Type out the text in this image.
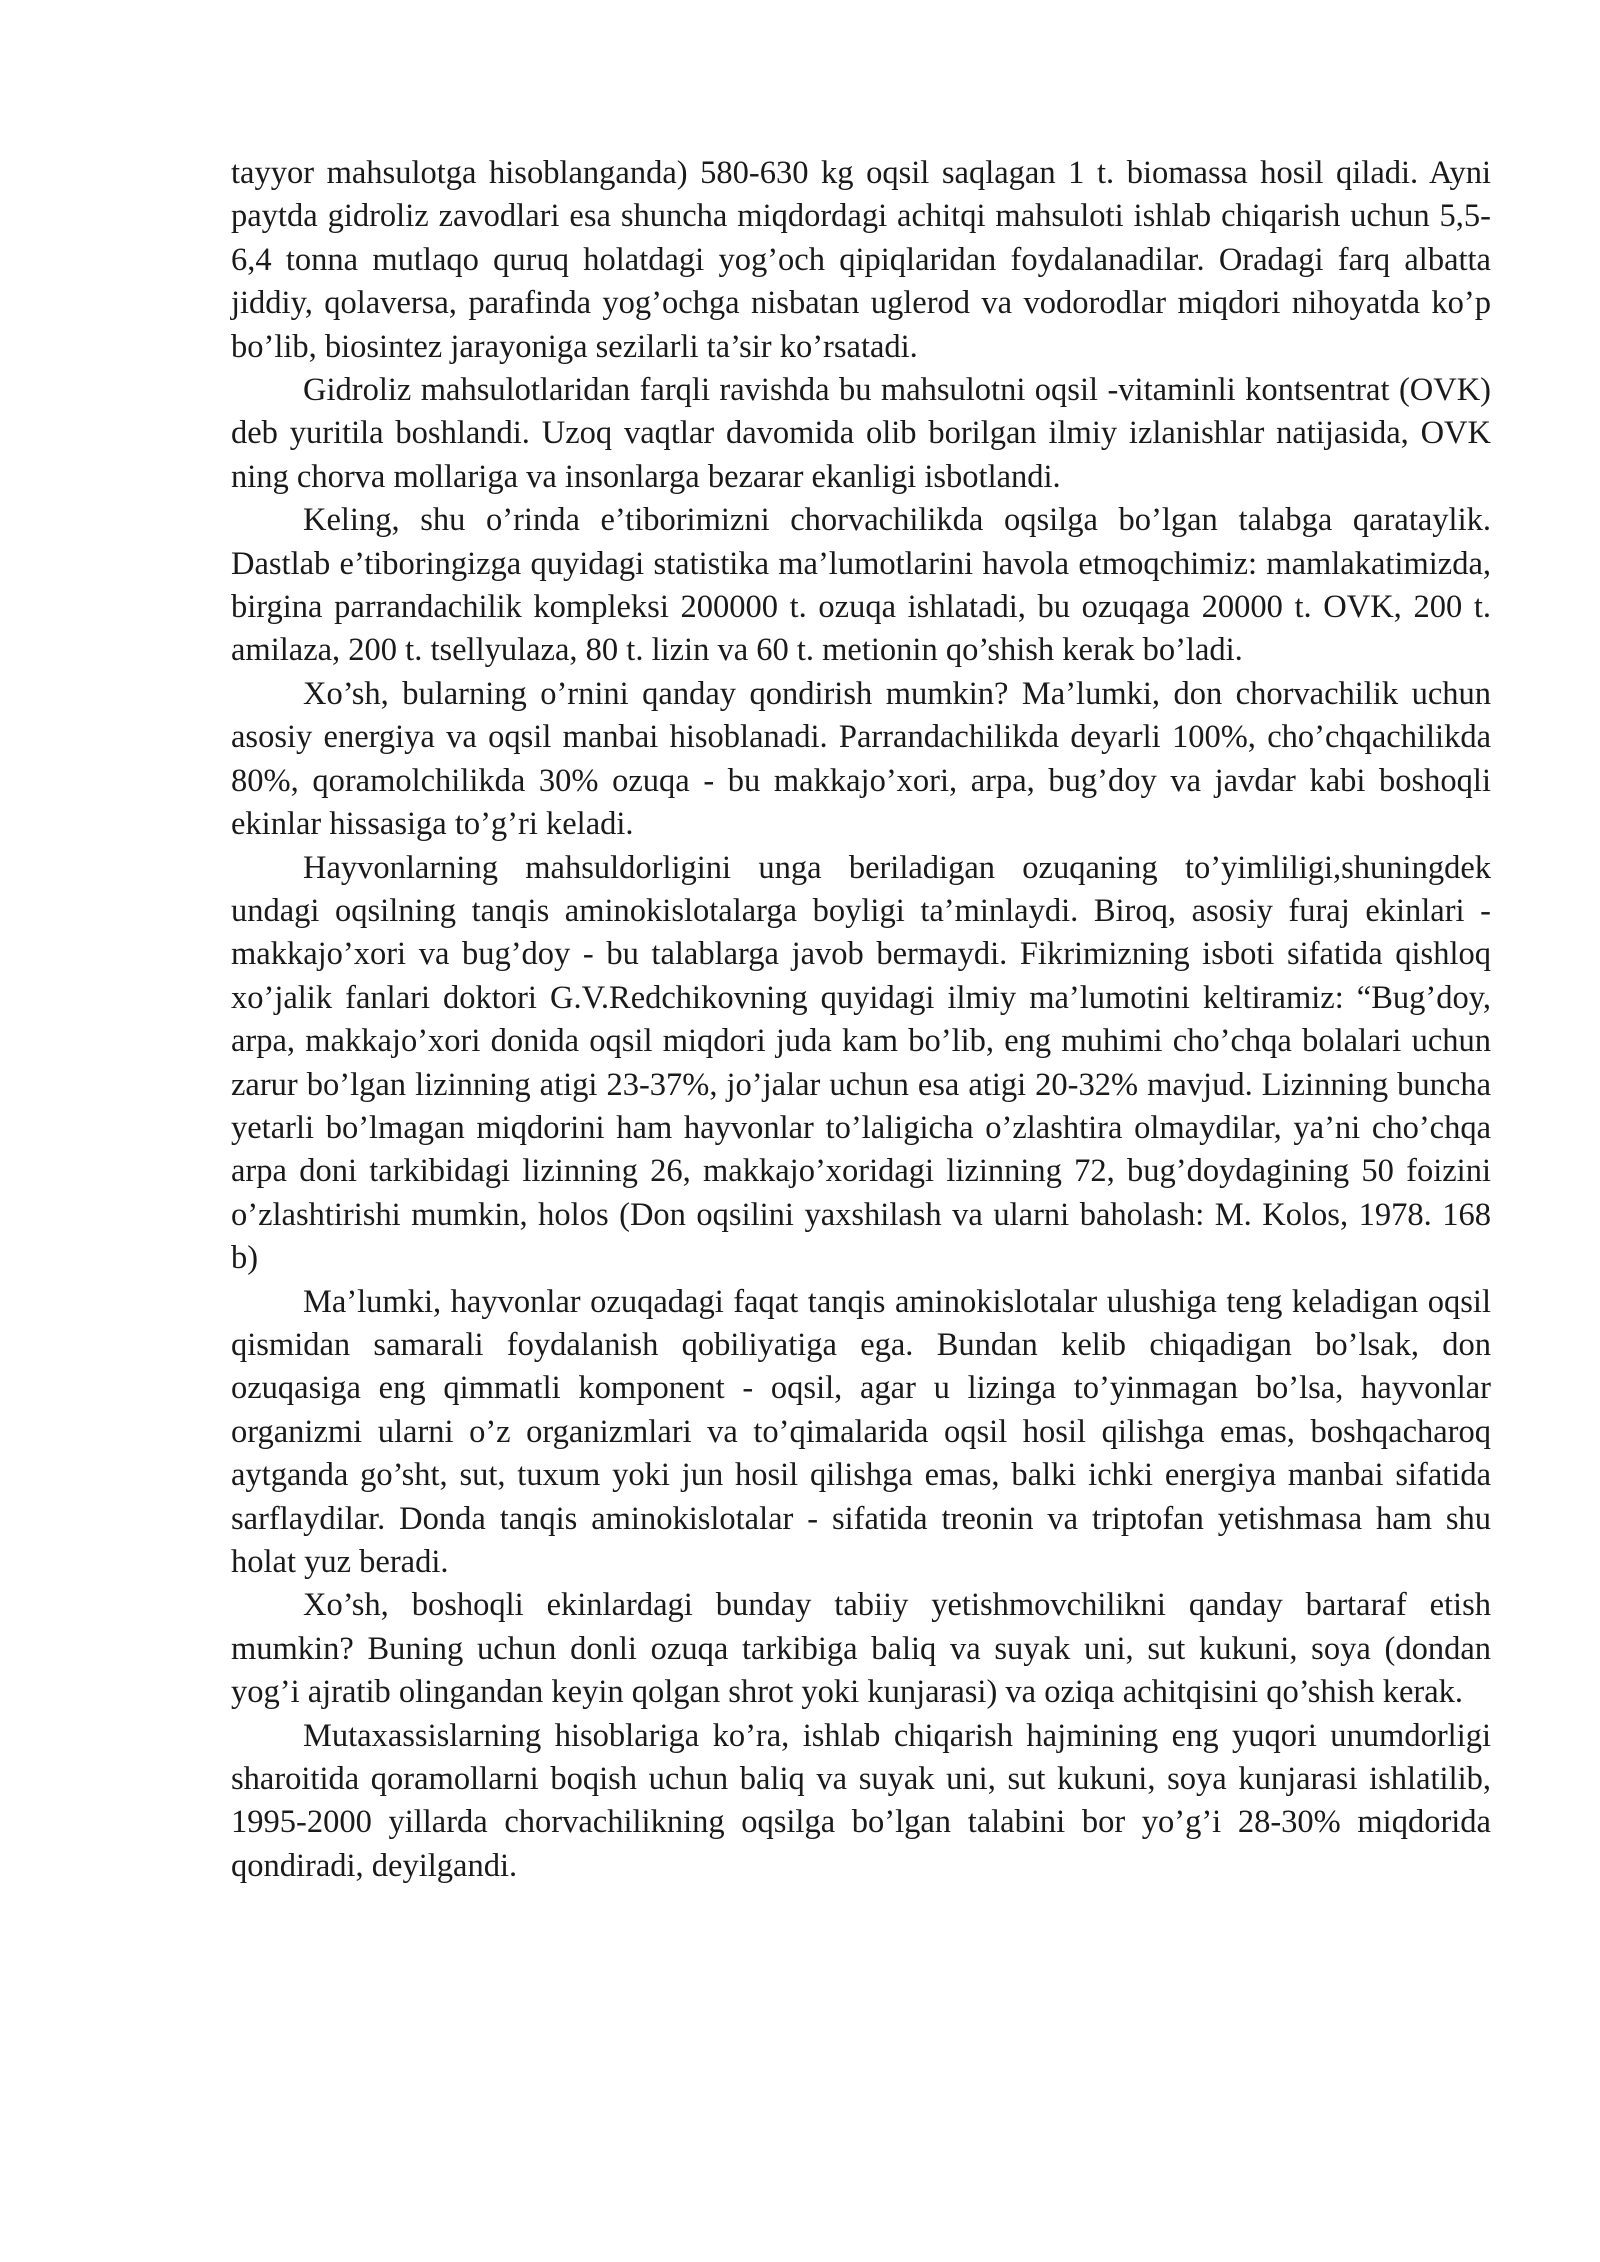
tayyor mahsulotga hisoblanganda) 580-630 kg oqsil saqlagan 1 t. biomassa hosil qiladi. Ayni paytda gidroliz zavodlari esa shuncha miqdordagi achitqi mahsuloti ishlab chiqarish uchun 5,5-6,4 tonna mutlaqo quruq holatdagi yog’och qipiqlaridan foydalanadilar. Oradagi farq albatta jiddiy, qolaversa, parafinda yog’ochga nisbatan uglerod va vodorodlar miqdori nihoyatda ko’p bo’lib, biosintez jarayoniga sezilarli ta’sir ko’rsatadi.

Gidroliz mahsulotlaridan farqli ravishda bu mahsulotni oqsil -vitaminli kontsentrat (OVK) deb yuritila boshlandi. Uzoq vaqtlar davomida olib borilgan ilmiy izlanishlar natijasida, OVK ning chorva mollariga va insonlarga bezarar ekanligi isbotlandi.

Keling, shu o’rinda e’tiborimizni chorvachilikda oqsilga bo’lgan talabga qarataylik. Dastlab e’tiboringizga quyidagi statistika ma’lumotlarini havola etmoqchimiz: mamlakatimizda, birgina parrandachilik kompleksi 200000 t. ozuqa ishlatadi, bu ozuqaga 20000 t. OVK, 200 t. amilaza, 200 t. tsellyulaza, 80 t. lizin va 60 t. metionin qo’shish kerak bo’ladi.

Xo’sh, bularning o’rnini qanday qondirish mumkin? Ma’lumki, don chorvachilik uchun asosiy energiya va oqsil manbai hisoblanadi. Parrandachilikda deyarli 100%, cho’chqachilikda 80%, qoramolchilikda 30% ozuqa - bu makkajo’xori, arpa, bug’doy va javdar kabi boshoqli ekinlar hissasiga to’g’ri keladi.

Hayvonlarning mahsuldorligini unga beriladigan ozuqaning to’yimliligi,shuningdek undagi oqsilning tanqis aminokislotalarga boyligi ta’minlaydi. Biroq, asosiy furaj ekinlari - makkajo’xori va bug’doy - bu talablarga javob bermaydi. Fikrimizning isboti sifatida qishloq xo’jalik fanlari doktori G.V.Redchikovning quyidagi ilmiy ma’lumotini keltiramiz: “Bug’doy, arpa, makkajo’xori donida oqsil miqdori juda kam bo’lib, eng muhimi cho’chqa bolalari uchun zarur bo’lgan lizinning atigi 23-37%, jo’jalar uchun esa atigi 20-32% mavjud. Lizinning buncha yetarli bo’lmagan miqdorini ham hayvonlar to’laligicha o’zlashtira olmaydilar, ya’ni cho’chqa arpa doni tarkibidagi lizinning 26, makkajo’xoridagi lizinning 72, bug’doydagining 50 foizini o’zlashtirishi mumkin, holos (Don oqsilini yaxshilash va ularni baholash: M. Kolos, 1978. 168 b)

Ma’lumki, hayvonlar ozuqadagi faqat tanqis aminokislotalar ulushiga teng keladigan oqsil qismidan samarali foydalanish qobiliyatiga ega. Bundan kelib chiqadigan bo’lsak, don ozuqasiga eng qimmatli komponent - oqsil, agar u lizinga to’yinmagan bo’lsa, hayvonlar organizmi ularni o’z organizmlari va to’qimalarida oqsil hosil qilishga emas, boshqacharoq aytganda go’sht, sut, tuxum yoki jun hosil qilishga emas, balki ichki energiya manbai sifatida sarflaydilar. Donda tanqis aminokislotalar - sifatida treonin va triptofan yetishmasa ham shu holat yuz beradi.

Xo’sh, boshoqli ekinlardagi bunday tabiiy yetishmovchilikni qanday bartaraf etish mumkin? Buning uchun donli ozuqa tarkibiga baliq va suyak uni, sut kukuni, soya (dondan yog’i ajratib olingandan keyin qolgan shrot yoki kunjarasi) va oziqa achitqisini qo’shish kerak.

Mutaxassislarning hisoblariga ko’ra, ishlab chiqarish hajmining eng yuqori unumdorligi sharoitida qoramollarni boqish uchun baliq va suyak uni, sut kukuni, soya kunjarasi ishlatilib, 1995-2000 yillarda chorvachilikning oqsilga bo’lgan talabini bor yo’g’i 28-30% miqdorida qondiradi, deyilgandi.
